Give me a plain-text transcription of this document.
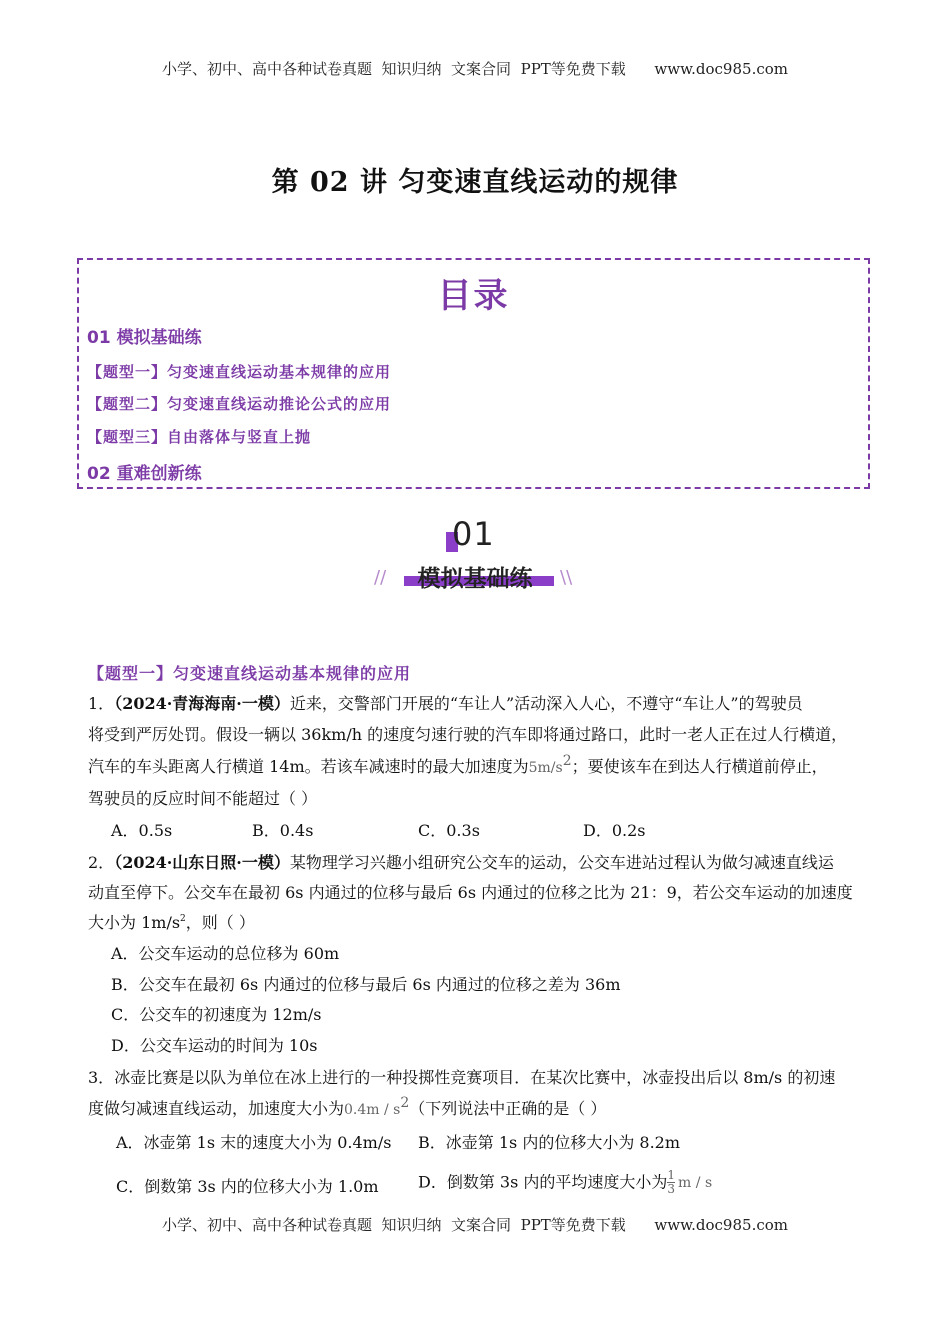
小学、初中、高中各种试卷真题  知识归纳  文案合同  PPT等免费下载      www.doc985.com
第 02 讲 匀变速直线运动的规律
目录
01 模拟基础练
【题型一】匀变速直线运动基本规律的应用
【题型二】匀变速直线运动推论公式的应用
【题型三】自由落体与竖直上抛
02 重难创新练
01
模拟基础练
//	\\
【题型一】匀变速直线运动基本规律的应用
1．（2024·青海海南·一模）近来，交警部门开展的“车让人”活动深入人心，不遵守“车让人”的驾驶员
将受到严厉处罚。假设一辆以 36km/h 的速度匀速行驶的汽车即将通过路口，此时一老人正在过人行横道，
汽车的车头距离人行横道 14m。若该车减速时的最大加速度为5m/s2；要使该车在到达人行横道前停止，
驾驶员的反应时间不能超过（ ）
A．0.5s	B．0.4s	C．0.3s	D．0.2s
2．（2024·山东日照·一模）某物理学习兴趣小组研究公交车的运动，公交车进站过程认为做匀减速直线运
动直至停下。公交车在最初 6s 内通过的位移与最后 6s 内通过的位移之比为 21：9，若公交车运动的加速度
大小为 $1m/s^2$，则（ ）
A．公交车运动的总位移为 60m
B．公交车在最初 6s 内通过的位移与最后 6s 内通过的位移之差为 36m
C．公交车的初速度为 12m/s
D．公交车运动的时间为 10s
3．冰壶比赛是以队为单位在冰上进行的一种投掷性竞赛项目．在某次比赛中，冰壶投出后以 8m/s 的初速
度做匀减速直线运动，加速度大小为0.4m / s2（下列说法中正确的是（ ）
A．冰壶第 1s 末的速度大小为 0.4m/s B．冰壶第 1s 内的位移大小为 8.2m
C．倒数第 3s 内的位移大小为 1.0m D．倒数第 3s 内的平均速度大小为 $\frac{1}{3}$ m / s
小学、初中、高中各种试卷真题  知识归纳  文案合同  PPT等免费下载      www.doc985.com
